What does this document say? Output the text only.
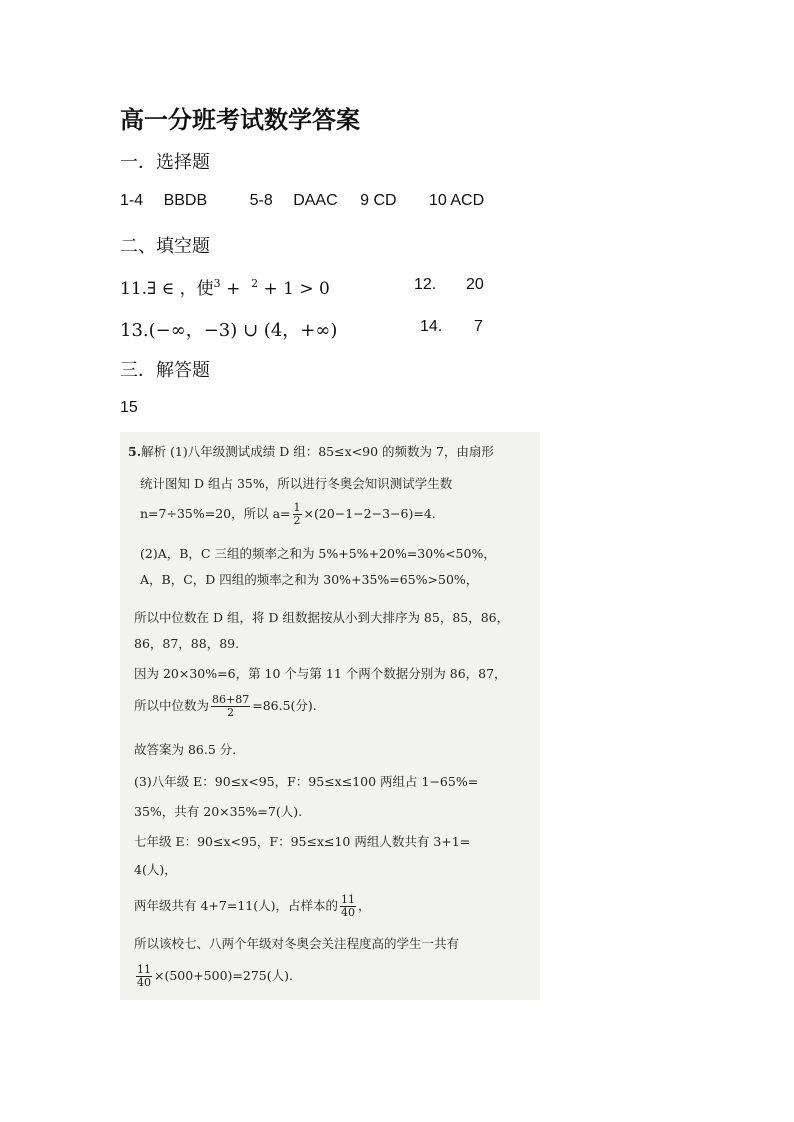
高一分班考试数学答案
一．选择题
1-4 BBDB	5-8 DAAC 9 CD 10 ACD
二、填空题
11.∃ ∈ ，使$^3$ + $^2$ + 1 > 0	12. 20
13.(−∞，−3) ∪ (4，+∞)	14. 7
三．解答题
15
5.解析 (1)八年级测试成绩 D 组：85≤x<90 的频数为 7，由扇形
统计图知 D 组占 35%，所以进行冬奥会知识测试学生数
n=7÷35%=20，所以 $a= \frac{1}{2} \times(20-1-2-3-6)=4$.
(2)A，B，C 三组的频率之和为 5%+5%+20%=30%<50%，
A，B，C，D 四组的频率之和为 30%+35%=65%>50%，
所以中位数在 D 组，将 D 组数据按从小到大排序为 85，85，86，
86，87，88，89.
因为 20×30%=6，第 10 个与第 11 个两个数据分别为 86，87，
所以中位数为 $\frac{86+87}{2} =86.5$(分).
故答案为 86.5 分.
(3)八年级 E：90≤x<95，F：95≤x≤100 两组占 1−65%=
35%，共有 20×35%=7(人).
七年级 E：90≤x<95，F：95≤x≤10 两组人数共有 3+1=
4(人)，
两年级共有 4+7=11(人)，占样本的 $\frac{11}{40}$ ，
所以该校七、八两个年级对冬奥会关注程度高的学生一共有
$\frac{11}{40} \times(500+500)=275$(人).
